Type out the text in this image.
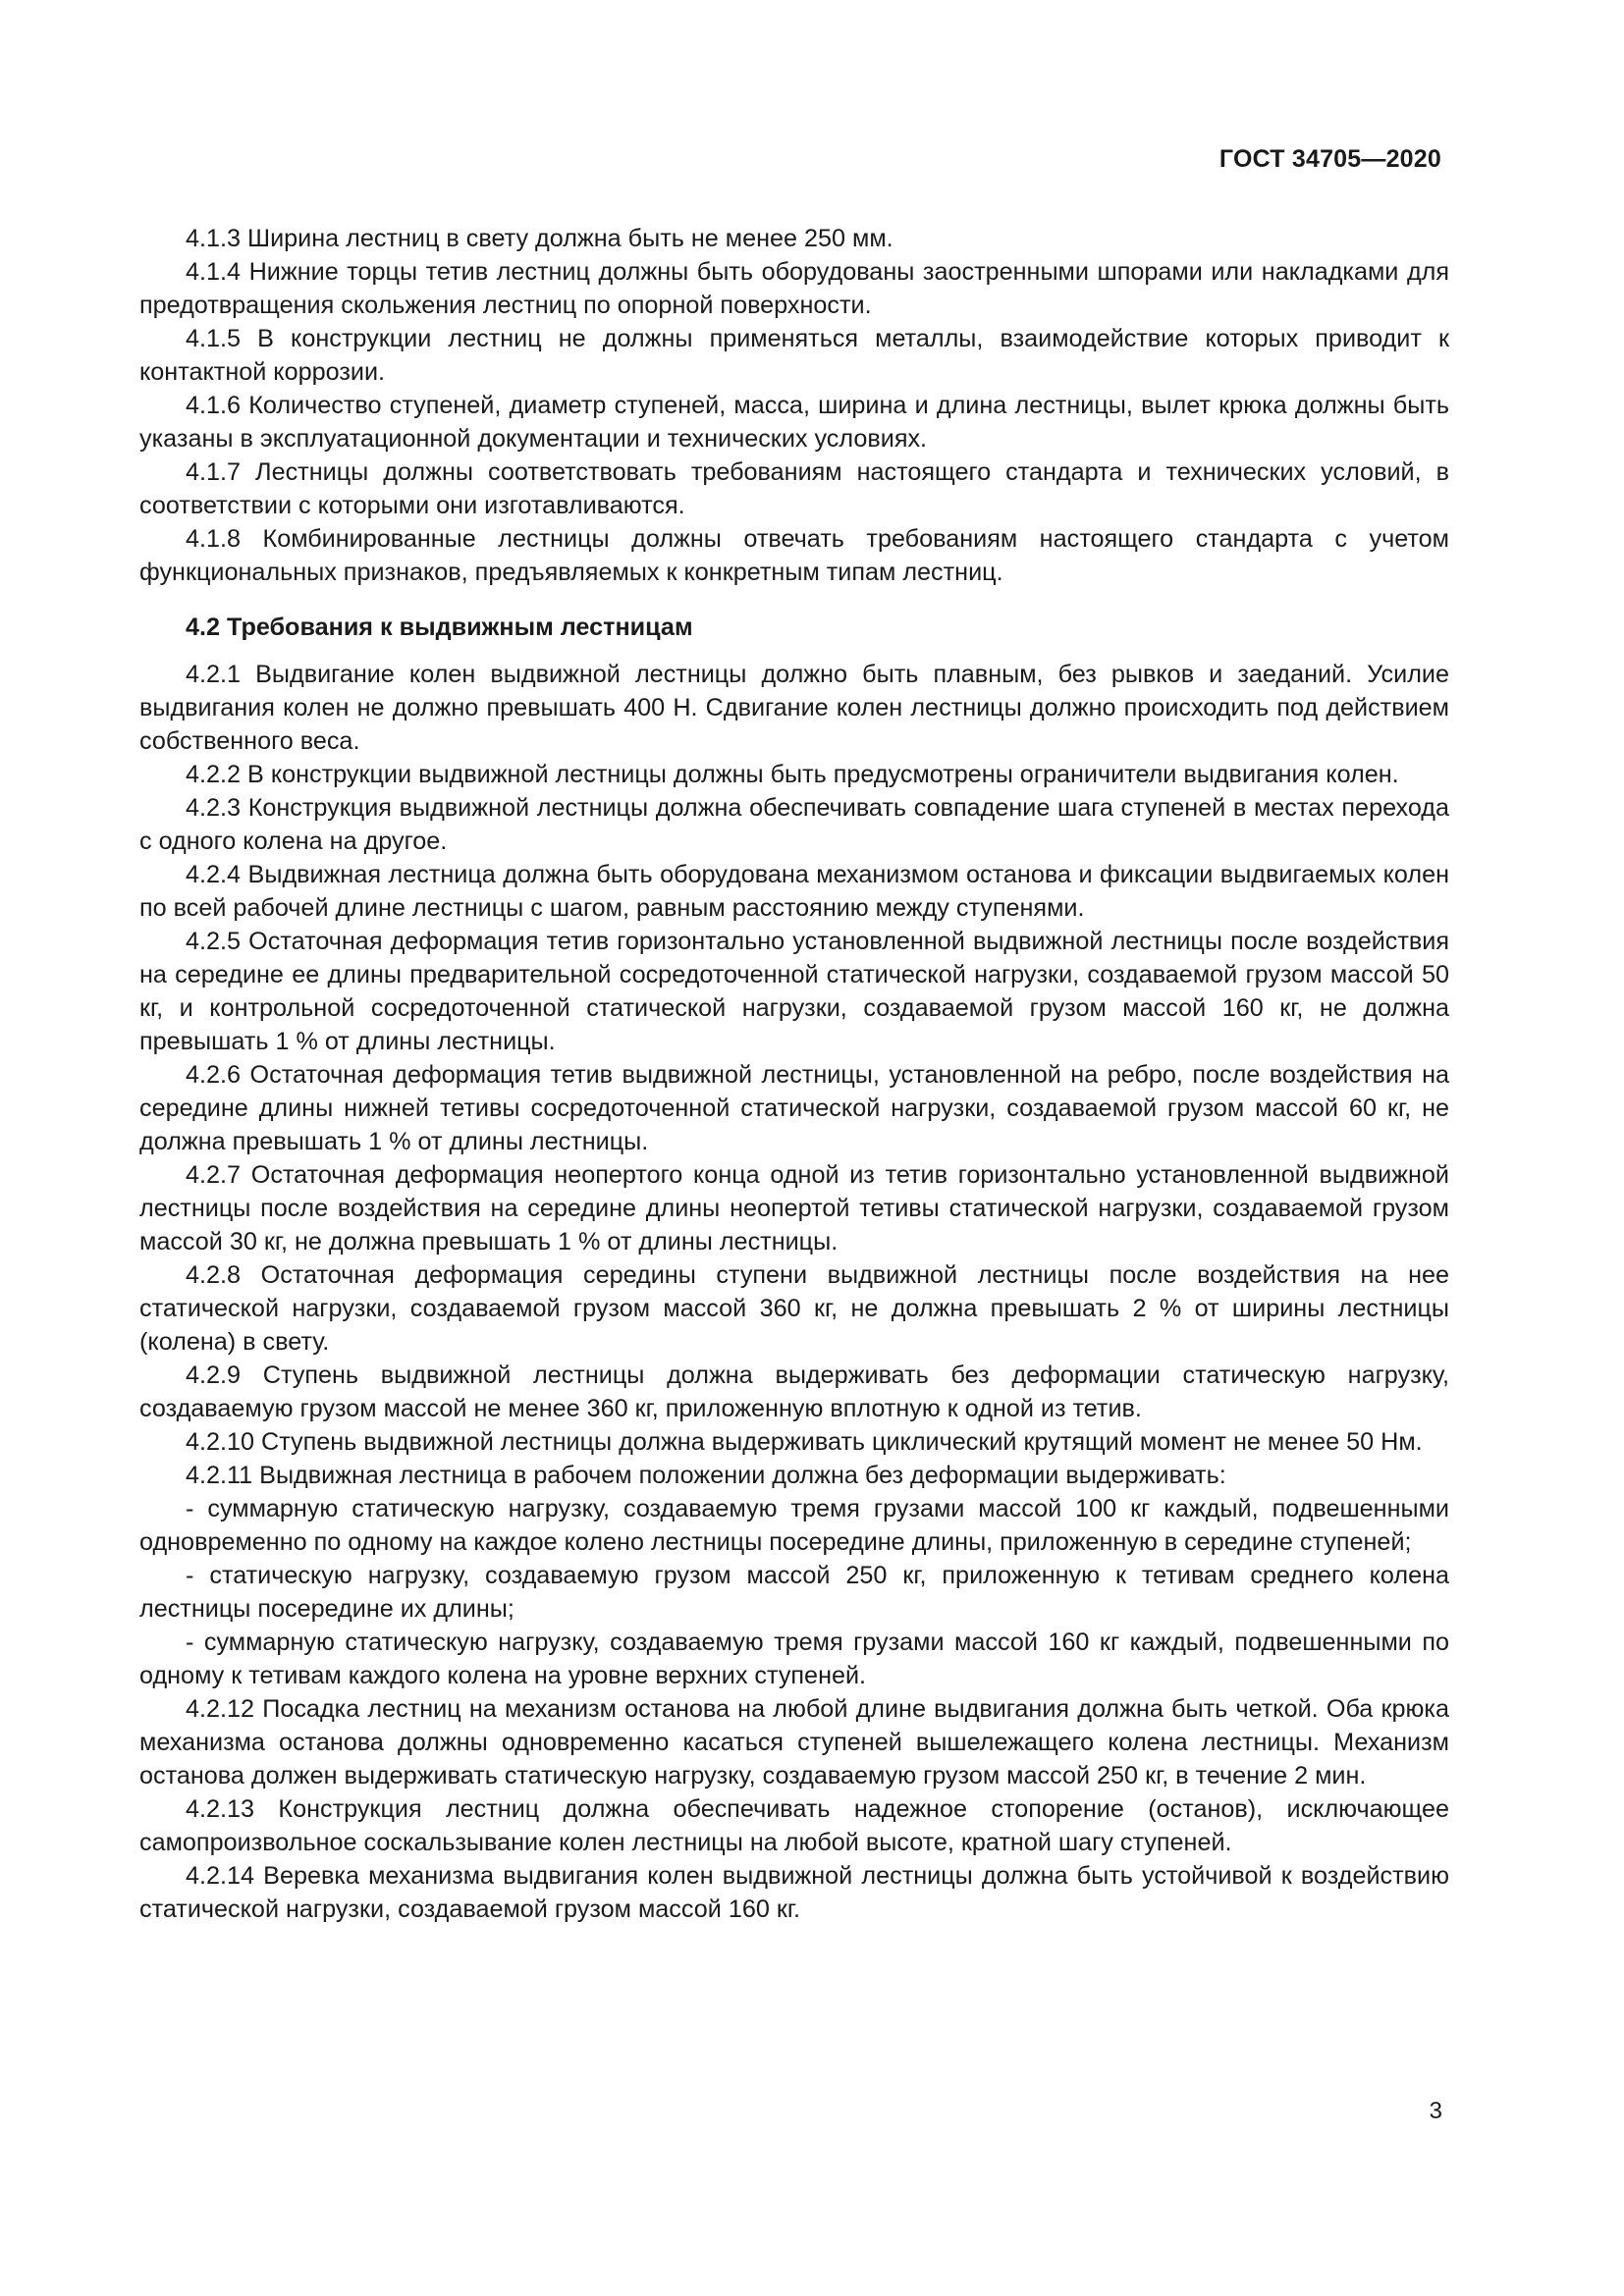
ГОСТ 34705—2020

4.1.3 Ширина лестниц в свету должна быть не менее 250 мм.

4.1.4 Нижние торцы тетив лестниц должны быть оборудованы заостренными шпорами или накладками для предотвращения скольжения лестниц по опорной поверхности.

4.1.5 В конструкции лестниц не должны применяться металлы, взаимодействие которых приводит к контактной коррозии.

4.1.6 Количество ступеней, диаметр ступеней, масса, ширина и длина лестницы, вылет крюка должны быть указаны в эксплуатационной документации и технических условиях.

4.1.7 Лестницы должны соответствовать требованиям настоящего стандарта и технических условий, в соответствии с которыми они изготавливаются.

4.1.8 Комбинированные лестницы должны отвечать требованиям настоящего стандарта с учетом функциональных признаков, предъявляемых к конкретным типам лестниц.

4.2 Требования к выдвижным лестницам

4.2.1 Выдвигание колен выдвижной лестницы должно быть плавным, без рывков и заеданий. Усилие выдвигания колен не должно превышать 400 Н. Сдвигание колен лестницы должно происходить под действием собственного веса.

4.2.2 В конструкции выдвижной лестницы должны быть предусмотрены ограничители выдвигания колен.

4.2.3 Конструкция выдвижной лестницы должна обеспечивать совпадение шага ступеней в местах перехода с одного колена на другое.

4.2.4 Выдвижная лестница должна быть оборудована механизмом останова и фиксации выдвигаемых колен по всей рабочей длине лестницы с шагом, равным расстоянию между ступенями.

4.2.5 Остаточная деформация тетив горизонтально установленной выдвижной лестницы после воздействия на середине ее длины предварительной сосредоточенной статической нагрузки, создаваемой грузом массой 50 кг, и контрольной сосредоточенной статической нагрузки, создаваемой грузом массой 160 кг, не должна превышать 1 % от длины лестницы.

4.2.6 Остаточная деформация тетив выдвижной лестницы, установленной на ребро, после воздействия на середине длины нижней тетивы сосредоточенной статической нагрузки, создаваемой грузом массой 60 кг, не должна превышать 1 % от длины лестницы.

4.2.7 Остаточная деформация неопертого конца одной из тетив горизонтально установленной выдвижной лестницы после воздействия на середине длины неопертой тетивы статической нагрузки, создаваемой грузом массой 30 кг, не должна превышать 1 % от длины лестницы.

4.2.8 Остаточная деформация середины ступени выдвижной лестницы после воздействия на нее статической нагрузки, создаваемой грузом массой 360 кг, не должна превышать 2 % от ширины лестницы (колена) в свету.

4.2.9 Ступень выдвижной лестницы должна выдерживать без деформации статическую нагрузку, создаваемую грузом массой не менее 360 кг, приложенную вплотную к одной из тетив.

4.2.10 Ступень выдвижной лестницы должна выдерживать циклический крутящий момент не менее 50 Нм.

4.2.11 Выдвижная лестница в рабочем положении должна без деформации выдерживать:

- суммарную статическую нагрузку, создаваемую тремя грузами массой 100 кг каждый, подвешенными одновременно по одному на каждое колено лестницы посередине длины, приложенную в середине ступеней;

- статическую нагрузку, создаваемую грузом массой 250 кг, приложенную к тетивам среднего колена лестницы посередине их длины;

- суммарную статическую нагрузку, создаваемую тремя грузами массой 160 кг каждый, подвешенными по одному к тетивам каждого колена на уровне верхних ступеней.

4.2.12 Посадка лестниц на механизм останова на любой длине выдвигания должна быть четкой. Оба крюка механизма останова должны одновременно касаться ступеней вышележащего колена лестницы. Механизм останова должен выдерживать статическую нагрузку, создаваемую грузом массой 250 кг, в течение 2 мин.

4.2.13 Конструкция лестниц должна обеспечивать надежное стопорение (останов), исключающее самопроизвольное соскальзывание колен лестницы на любой высоте, кратной шагу ступеней.

4.2.14 Веревка механизма выдвигания колен выдвижной лестницы должна быть устойчивой к воздействию статической нагрузки, создаваемой грузом массой 160 кг.

3
